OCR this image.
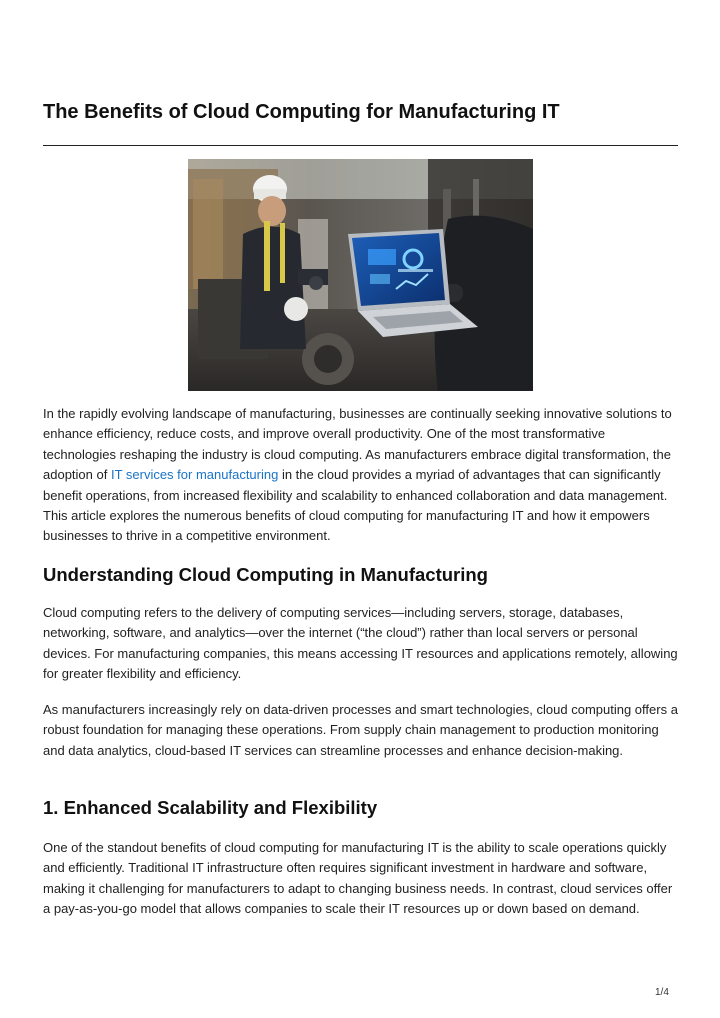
The Benefits of Cloud Computing for Manufacturing IT

In the rapidly evolving landscape of manufacturing, businesses are continually seeking innovative solutions to enhance efficiency, reduce costs, and improve overall productivity. One of the most transformative technologies reshaping the industry is cloud computing. As manufacturers embrace digital transformation, the adoption of IT services for manufacturing in the cloud provides a myriad of advantages that can significantly benefit operations, from increased flexibility and scalability to enhanced collaboration and data management. This article explores the numerous benefits of cloud computing for manufacturing IT and how it empowers businesses to thrive in a competitive environment.

Understanding Cloud Computing in Manufacturing

Cloud computing refers to the delivery of computing services—including servers, storage, databases, networking, software, and analytics—over the internet (“the cloud”) rather than local servers or personal devices. For manufacturing companies, this means accessing IT resources and applications remotely, allowing for greater flexibility and efficiency.

As manufacturers increasingly rely on data-driven processes and smart technologies, cloud computing offers a robust foundation for managing these operations. From supply chain management to production monitoring and data analytics, cloud-based IT services can streamline processes and enhance decision-making.

1. Enhanced Scalability and Flexibility

One of the standout benefits of cloud computing for manufacturing IT is the ability to scale operations quickly and efficiently. Traditional IT infrastructure often requires significant investment in hardware and software, making it challenging for manufacturers to adapt to changing business needs. In contrast, cloud services offer a pay-as-you-go model that allows companies to scale their IT resources up or down based on demand.

1/4
